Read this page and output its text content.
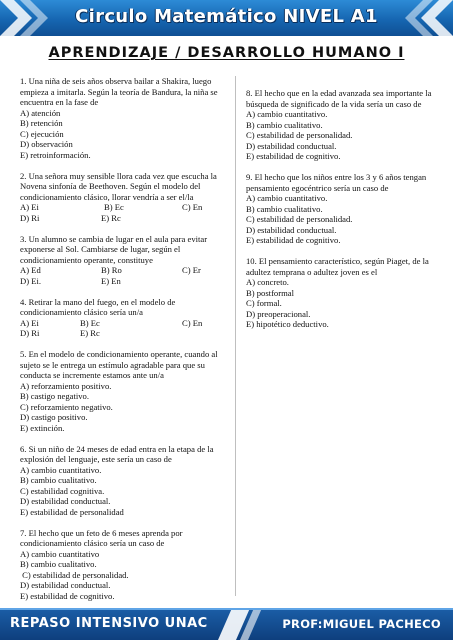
Circulo Matemático NIVEL A1
APRENDIZAJE / DESARROLLO HUMANO I
1. Una niña de seis años observa bailar a Shakira, luego empieza a imitarla. Según la teoría de Bandura, la niña se encuentra en la fase de
A) atención
B) retención
C) ejecución
D) observación
E) retroinformación.
2. Una señora muy sensible llora cada vez que escucha la Novena sinfonía de Beethoven. Según el modelo del condicionamiento clásico, llorar vendría a ser el/la
A) Ei	B) Ec	C) En
D) Ri	E) Rc
3. Un alumno se cambia de lugar en el aula para evitar exponerse al Sol. Cambiarse de lugar, según el condicionamiento operante, constituye
A) Ed	B) Ro	C) Er
D) Ei.	E) En
4. Retirar la mano del fuego, en el modelo de condicionamiento clásico sería un/a
A) Ei	B) Ec	C) En
D) Ri	E) Rc
5. En el modelo de condicionamiento operante, cuando al sujeto se le entrega un estímulo agradable para que su conducta se incremente estamos ante un/a
A) reforzamiento positivo.
B) castigo negativo.
C) reforzamiento negativo.
D) castigo positivo.
E) extinción.
6. Si un niño de 24 meses de edad entra en la etapa de la explosión del lenguaje, este sería un caso de
A) cambio cuantitativo.
B) cambio cualitativo.
C) estabilidad cognitiva.
D) estabilidad conductual.
E) estabilidad de personalidad
7. El hecho que un feto de 6 meses aprenda por condicionamiento clásico sería un caso de
A) cambio cuantitativo
B) cambio cualitativo.
C) estabilidad de personalidad.
D) estabilidad conductual.
E) estabilidad de cognitivo.
8. El hecho que en la edad avanzada sea importante la búsqueda de significado de la vida sería un caso de
A) cambio cuantitativo.
B) cambio cualitativo.
C) estabilidad de personalidad.
D) estabilidad conductual.
E) estabilidad de cognitivo.
9. El hecho que los niños entre los 3 y 6 años tengan pensamiento egocéntrico sería un caso de
A) cambio cuantitativo.
B) cambio cualitativo.
C) estabilidad de personalidad.
D) estabilidad conductual.
E) estabilidad de cognitivo.
10. El pensamiento característico, según Piaget, de la adultez temprana o adultez joven es el
A) concreto.
B) postformal
C) formal.
D) preoperacional.
E) hipotético deductivo.
REPASO INTENSIVO UNAC	PROF:MIGUEL PACHECO
